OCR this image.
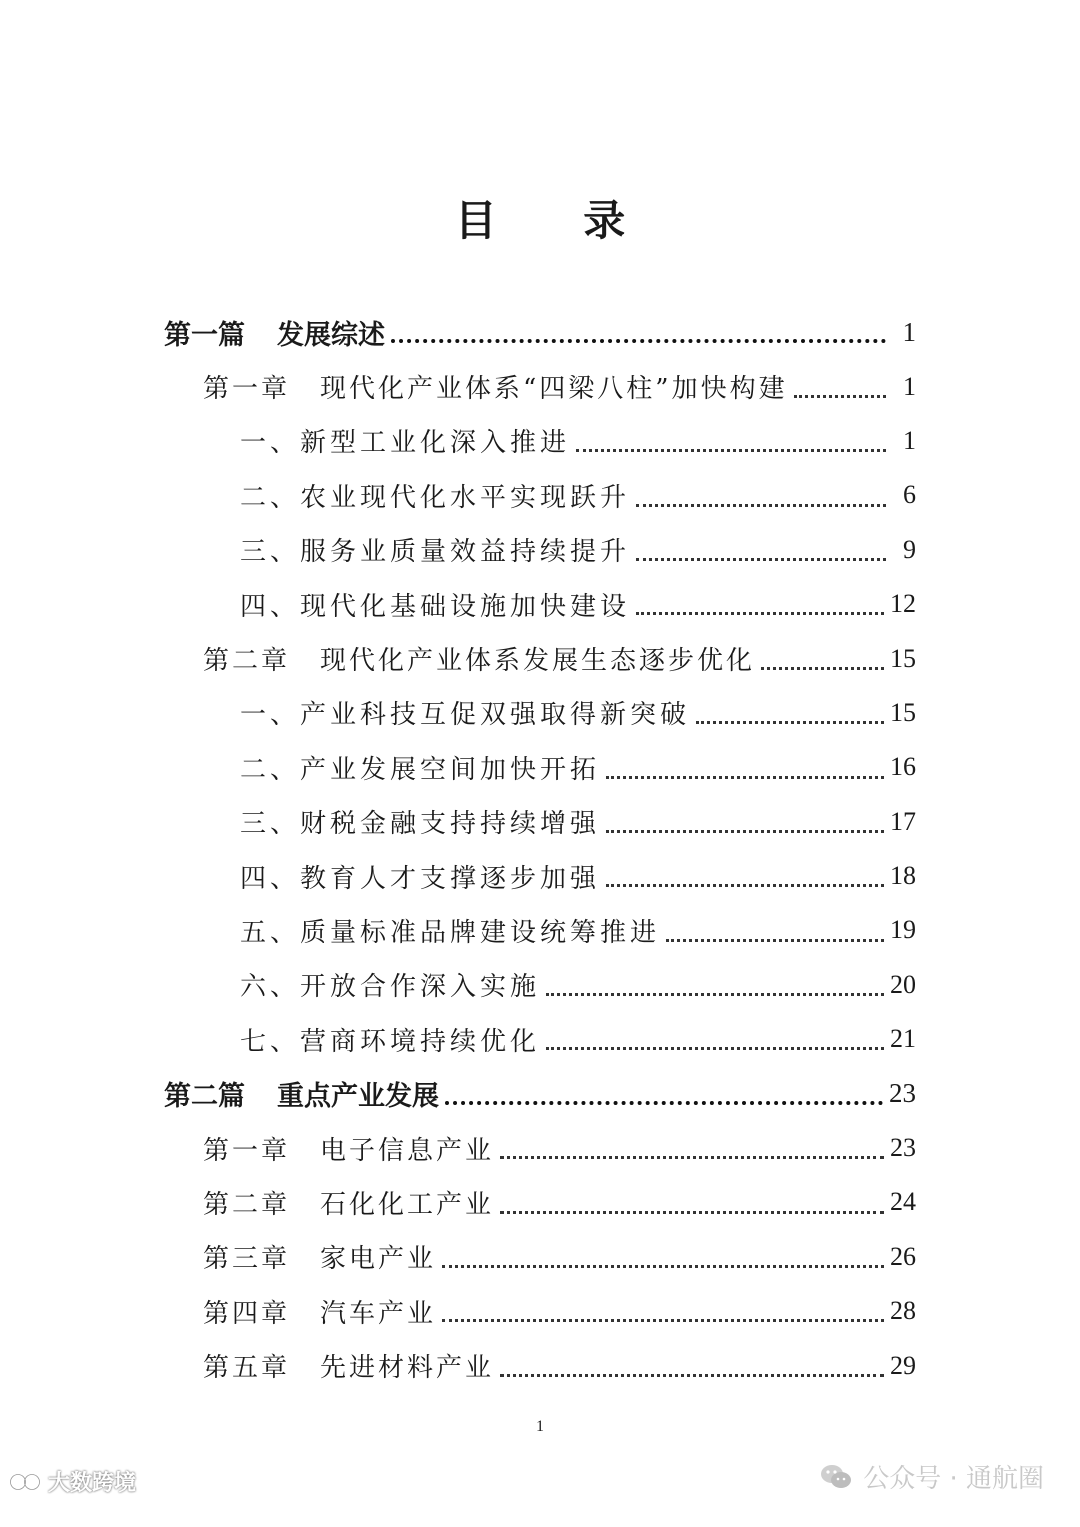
目 录
第一篇 发展综述	1
第一章 现代化产业体系“四梁八柱”加快构建	1
一、新型工业化深入推进	1
二、农业现代化水平实现跃升	6
三、服务业质量效益持续提升	9
四、现代化基础设施加快建设	12
第二章 现代化产业体系发展生态逐步优化	15
一、产业科技互促双强取得新突破	15
二、产业发展空间加快开拓	16
三、财税金融支持持续增强	17
四、教育人才支撑逐步加强	18
五、质量标准品牌建设统筹推进	19
六、开放合作深入实施	20
七、营商环境持续优化	21
第二篇 重点产业发展	23
第一章 电子信息产业	23
第二章 石化化工产业	24
第三章 家电产业	26
第四章 汽车产业	28
第五章 先进材料产业	29
1
大数跨境	公众号 · 通航圈
